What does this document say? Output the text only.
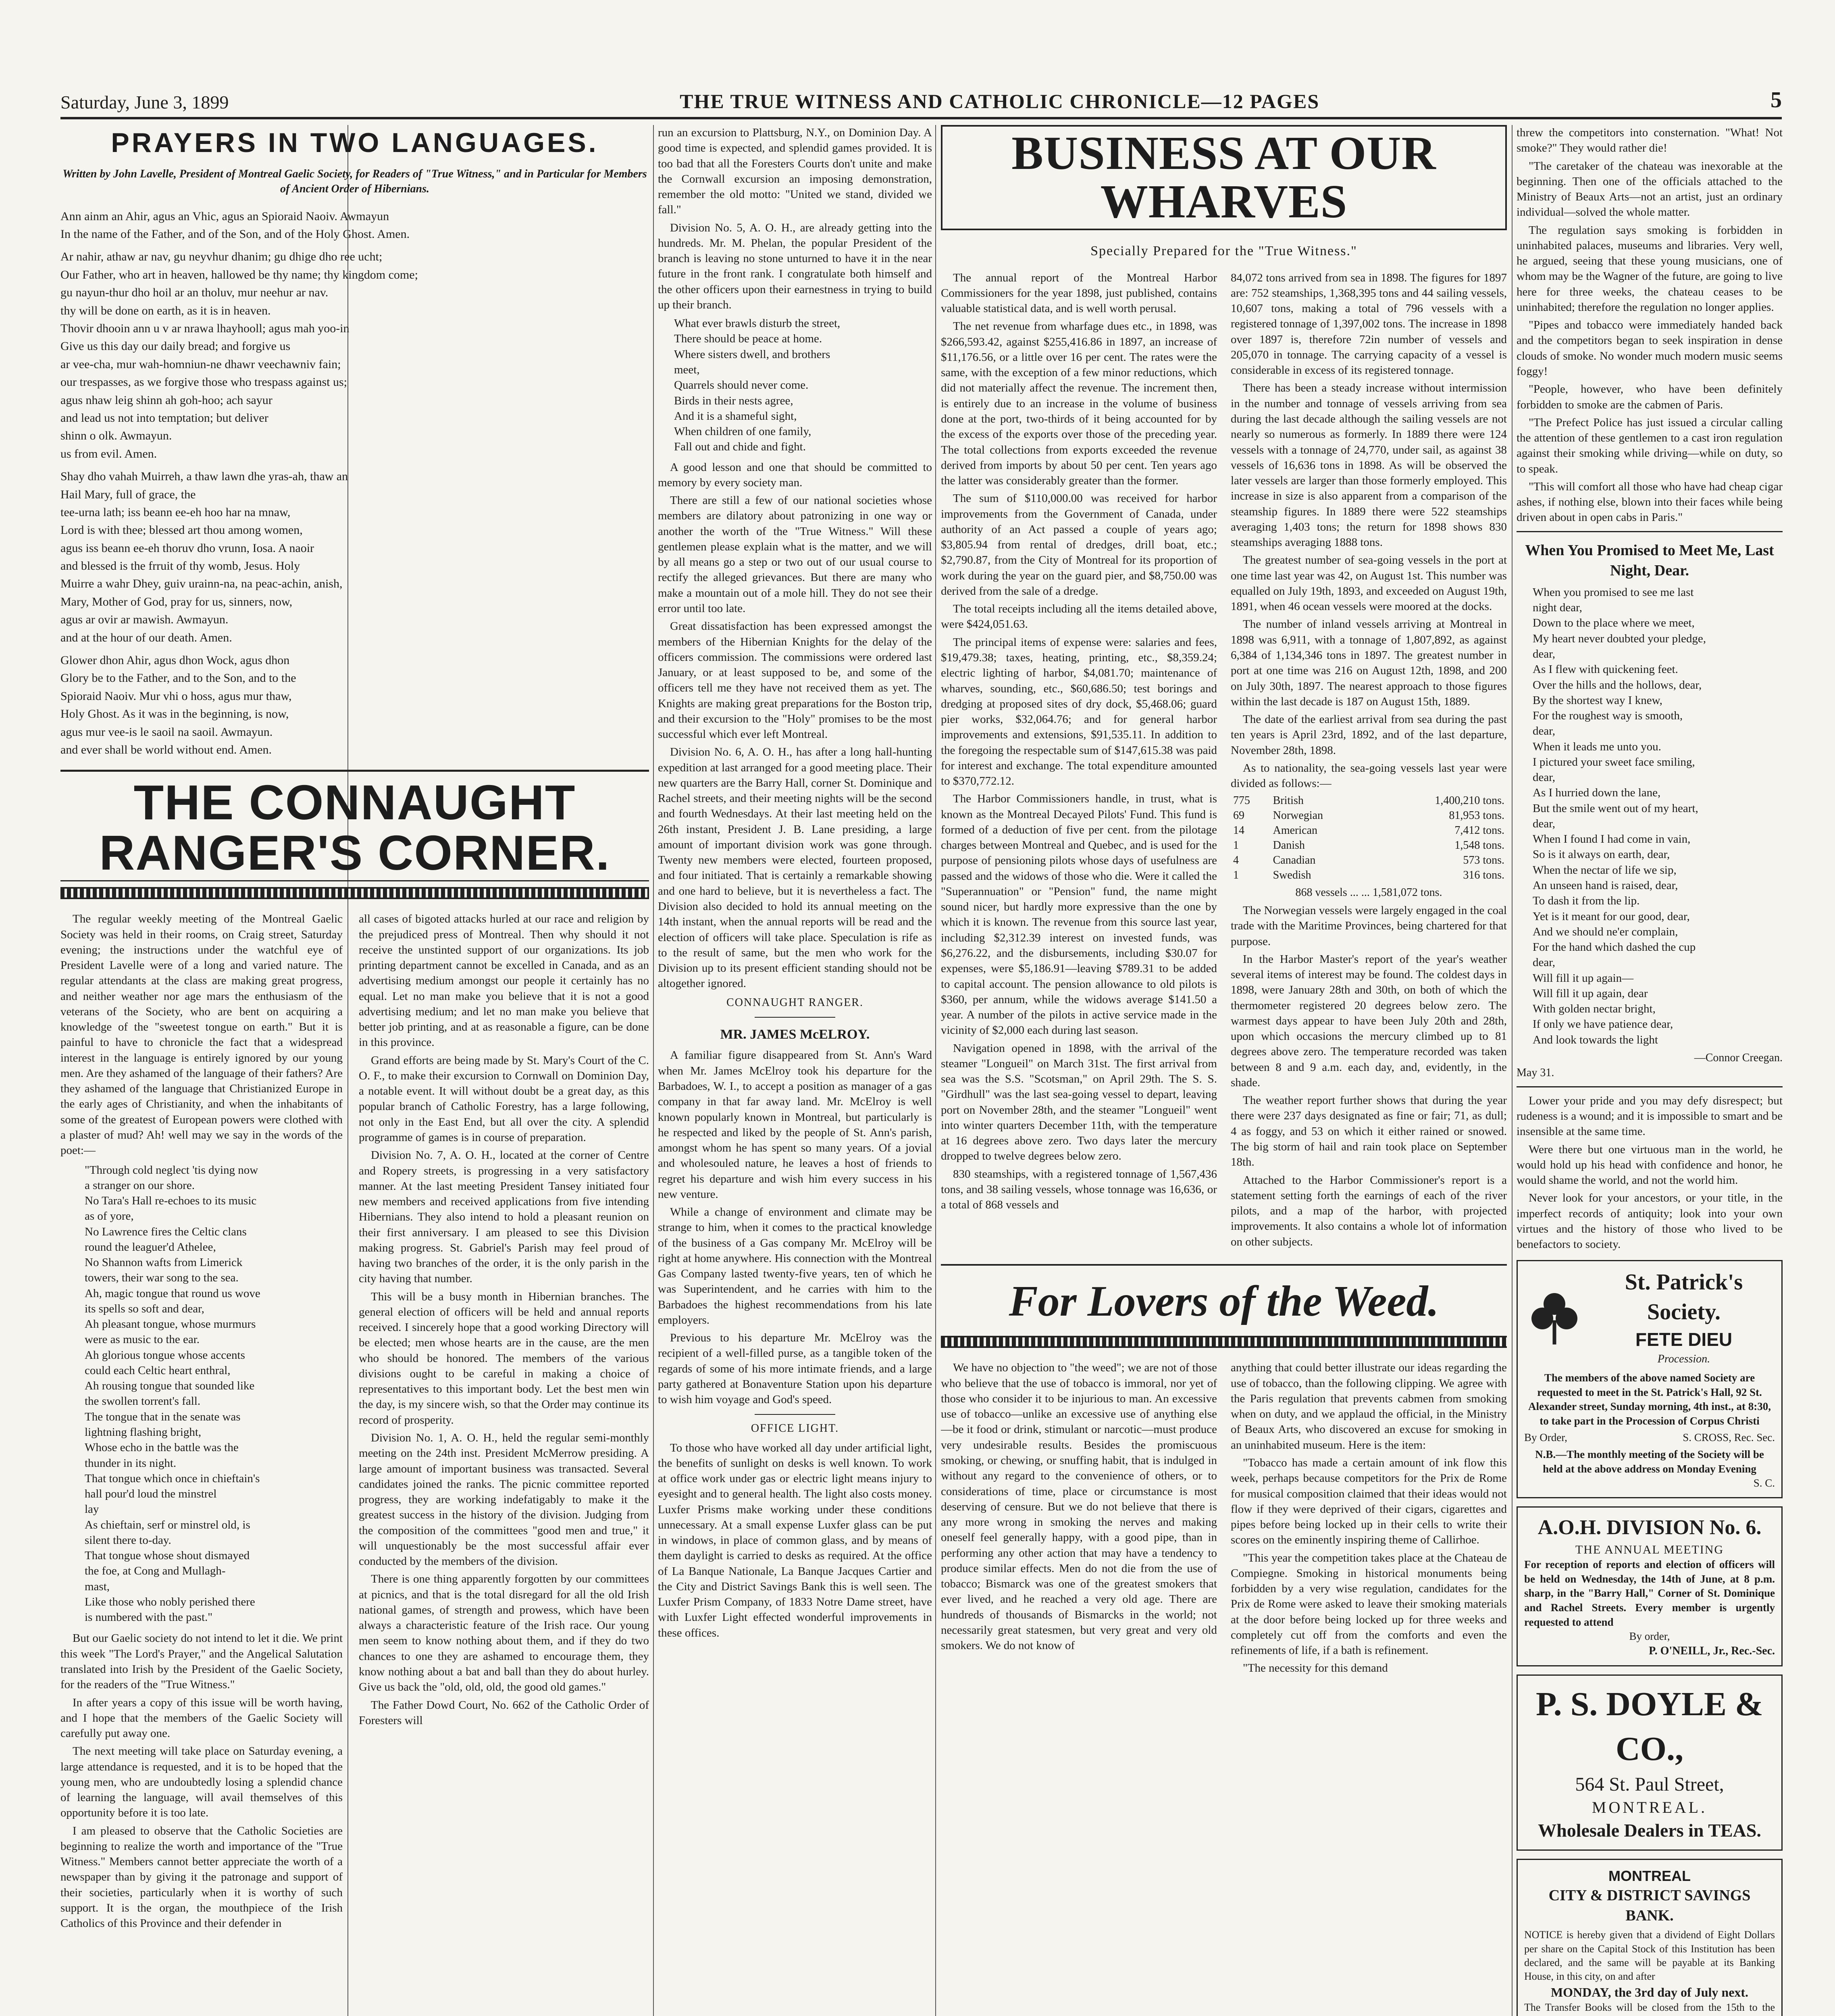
Saturday, June 3, 1899	THE TRUE WITNESS AND CATHOLIC CHRONICLE—12 PAGES	5
PRAYERS IN TWO LANGUAGES.
Written by John Lavelle, President of Montreal Gaelic Society, for Readers of "True Witness," and in Particular for Members of Ancient Order of Hibernians.

Ann ainm an Ahir, agus an Vhic, agus an Spioraid Naoiv. Awmayun

In the name of the Father, and of the Son, and of the Holy Ghost. Amen.

Ar nahir, athaw ar nav, gu neyvhur dhanim; gu dhige dho ree ucht;

Our Father, who art in heaven, hallowed be thy name; thy kingdom come;

gu nayun-thur dho hoil ar an tholuv, mur neehur ar nav.

thy will be done on earth, as it is in heaven.

Thovir dhooin ann u v ar nrawa lhayhooll; agus mah yoo-in

Give us this day our daily bread; and forgive us

ar vee-cha, mur wah-homniun-ne dhawr veechawniv fain;

our trespasses, as we forgive those who trespass against us;

agus nhaw leig shinn ah goh-hoo; ach sayur

and lead us not into temptation; but deliver

shinn o olk. Awmayun.

us from evil. Amen.

Shay dho vahah Muirreh, a thaw lawn dhe yras-ah, thaw an

Hail Mary, full of grace, the

tee-urna lath; iss beann ee-eh hoo har na mnaw,

Lord is with thee; blessed art thou among women,

agus iss beann ee-eh thoruv dho vrunn, Iosa. A naoir

and blessed is the frruit of thy womb, Jesus. Holy

Muirre a wahr Dhey, guiv urainn-na, na peac-achin, anish,

Mary, Mother of God, pray for us, sinners, now,

agus ar ovir ar mawish. Awmayun.

and at the hour of our death. Amen.

Glower dhon Ahir, agus dhon Wock, agus dhon

Glory be to the Father, and to the Son, and to the

Spioraid Naoiv. Mur vhi o hoss, agus mur thaw,

Holy Ghost. As it was in the beginning, is now,

agus mur vee-is le saoil na saoil. Awmayun.

and ever shall be world without end. Amen.

THE CONNAUGHT RANGER'S CORNER.

The regular weekly meeting of the Montreal Gaelic Society was held in their rooms, on Craig street, Saturday evening; the instructions under the watchful eye of President Lavelle were of a long and varied nature. The regular attendants at the class are making great progress, and neither weather nor age mars the enthusiasm of the veterans of the Society, who are bent on acquiring a knowledge of the "sweetest tongue on earth." But it is painful to have to chronicle the fact that a widespread interest in the language is entirely ignored by our young men. Are they ashamed of the language of their fathers? Are they ashamed of the language that Christianized Europe in the early ages of Christianity, and when the inhabitants of some of the greatest of European powers were clothed with a plaster of mud? Ah! well may we say in the words of the poet:—

"Through cold neglect 'tis dying now

a stranger on our shore.

No Tara's Hall re-echoes to its music

as of yore,

No Lawrence fires the Celtic clans

round the leaguer'd Athelee,

No Shannon wafts from Limerick

towers, their war song to the sea.

Ah, magic tongue that round us wove

its spells so soft and dear,

Ah pleasant tongue, whose murmurs

were as music to the ear.

Ah glorious tongue whose accents

could each Celtic heart enthral,

Ah rousing tongue that sounded like

the swollen torrent's fall.

The tongue that in the senate was

lightning flashing bright,

Whose echo in the battle was the

thunder in its night.

That tongue which once in chieftain's

hall pour'd loud the minstrel

lay

As chieftain, serf or minstrel old, is

silent there to-day.

That tongue whose shout dismayed

the foe, at Cong and Mullagh-

mast,

Like those who nobly perished there

is numbered with the past."

But our Gaelic society do not intend to let it die. We print this week "The Lord's Prayer," and the Angelical Salutation translated into Irish by the President of the Gaelic Society, for the readers of the "True Witness."

In after years a copy of this issue will be worth having, and I hope that the members of the Gaelic Society will carefully put away one.

The next meeting will take place on Saturday evening, a large attendance is requested, and it is to be hoped that the young men, who are undoubtedly losing a splendid chance of learning the language, will avail themselves of this opportunity before it is too late.

I am pleased to observe that the Catholic Societies are beginning to realize the worth and importance of the "True Witness." Members cannot better appreciate the worth of a newspaper than by giving it the patronage and support of their societies, particularly when it is worthy of such support. It is the organ, the mouthpiece of the Irish Catholics of this Province and their defender in

all cases of bigoted attacks hurled at our race and religion by the prejudiced press of Montreal. Then why should it not receive the unstinted support of our organizations. Its job printing department cannot be excelled in Canada, and as an advertising medium amongst our people it certainly has no equal. Let no man make you believe that it is not a good advertising medium; and let no man make you believe that better job printing, and at as reasonable a figure, can be done in this province.

Grand efforts are being made by St. Mary's Court of the C. O. F., to make their excursion to Cornwall on Dominion Day, a notable event. It will without doubt be a great day, as this popular branch of Catholic Forestry, has a large following, not only in the East End, but all over the city. A splendid programme of games is in course of preparation.

Division No. 7, A. O. H., located at the corner of Centre and Ropery streets, is progressing in a very satisfactory manner. At the last meeting President Tansey initiated four new members and received applications from five intending Hibernians. They also intend to hold a pleasant reunion on their first anniversary. I am pleased to see this Division making progress. St. Gabriel's Parish may feel proud of having two branches of the order, it is the only parish in the city having that number.

This will be a busy month in Hibernian branches. The general election of officers will be held and annual reports received. I sincerely hope that a good working Directory will be elected; men whose hearts are in the cause, are the men who should be honored. The members of the various divisions ought to be careful in making a choice of representatives to this important body. Let the best men win the day, is my sincere wish, so that the Order may continue its record of prosperity.

Division No. 1, A. O. H., held the regular semi-monthly meeting on the 24th inst. President McMerrow presiding. A large amount of important business was transacted. Several candidates joined the ranks. The picnic committee reported progress, they are working indefatigably to make it the greatest success in the history of the division. Judging from the composition of the committees "good men and true," it will unquestionably be the most successful affair ever conducted by the members of the division.

There is one thing apparently forgotten by our committees at picnics, and that is the total disregard for all the old Irish national games, of strength and prowess, which have been always a characteristic feature of the Irish race. Our young men seem to know nothing about them, and if they do two chances to one they are ashamed to encourage them, they know nothing about a bat and ball than they do about hurley. Give us back the "old, old, old, the good old games."

The Father Dowd Court, No. 662 of the Catholic Order of Foresters will

run an excursion to Plattsburg, N.Y., on Dominion Day. A good time is expected, and splendid games provided. It is too bad that all the Foresters Courts don't unite and make the Cornwall excursion an imposing demonstration, remember the old motto: "United we stand, divided we fall."

Division No. 5, A. O. H., are already getting into the hundreds. Mr. M. Phelan, the popular President of the branch is leaving no stone unturned to have it in the near future in the front rank. I congratulate both himself and the other officers upon their earnestness in trying to build up their branch.

What ever brawls disturb the street,

There should be peace at home.

Where sisters dwell, and brothers

meet,

Quarrels should never come.

Birds in their nests agree,

And it is a shameful sight,

When children of one family,

Fall out and chide and fight.

A good lesson and one that should be committed to memory by every society man.

There are still a few of our national societies whose members are dilatory about patronizing in one way or another the worth of the "True Witness." Will these gentlemen please explain what is the matter, and we will by all means go a step or two out of our usual course to rectify the alleged grievances. But there are many who make a mountain out of a mole hill. They do not see their error until too late.

Great dissatisfaction has been expressed amongst the members of the Hibernian Knights for the delay of the officers commission. The commissions were ordered last January, or at least supposed to be, and some of the officers tell me they have not received them as yet. The Knights are making great preparations for the Boston trip, and their excursion to the "Holy" promises to be the most successful which ever left Montreal.

Division No. 6, A. O. H., has after a long hall-hunting expedition at last arranged for a good meeting place. Their new quarters are the Barry Hall, corner St. Dominique and Rachel streets, and their meeting nights will be the second and fourth Wednesdays. At their last meeting held on the 26th instant, President J. B. Lane presiding, a large amount of important division work was gone through. Twenty new members were elected, fourteen proposed, and four initiated. That is certainly a remarkable showing and one hard to believe, but it is nevertheless a fact. The Division also decided to hold its annual meeting on the 14th instant, when the annual reports will be read and the election of officers will take place. Speculation is rife as to the result of same, but the men who work for the Division up to its present efficient standing should not be altogether ignored.

CONNAUGHT RANGER.
MR. JAMES McELROY.

A familiar figure disappeared from St. Ann's Ward when Mr. James McElroy took his departure for the Barbadoes, W. I., to accept a position as manager of a gas company in that far away land. Mr. McElroy is well known popularly known in Montreal, but particularly is he respected and liked by the people of St. Ann's parish, amongst whom he has spent so many years. Of a jovial and wholesouled nature, he leaves a host of friends to regret his departure and wish him every success in his new venture.

While a change of environment and climate may be strange to him, when it comes to the practical knowledge of the business of a Gas company Mr. McElroy will be right at home anywhere. His connection with the Montreal Gas Company lasted twenty-five years, ten of which he was Superintendent, and he carries with him to the Barbadoes the highest recommendations from his late employers.

Previous to his departure Mr. McElroy was the recipient of a well-filled purse, as a tangible token of the regards of some of his more intimate friends, and a large party gathered at Bonaventure Station upon his departure to wish him voyage and God's speed.

OFFICE LIGHT.

To those who have worked all day under artificial light, the benefits of sunlight on desks is well known. To work at office work under gas or electric light means injury to eyesight and to general health. The light also costs money. Luxfer Prisms make working under these conditions unnecessary. At a small expense Luxfer glass can be put in windows, in place of common glass, and by means of them daylight is carried to desks as required. At the office of La Banque Nationale, La Banque Jacques Cartier and the City and District Savings Bank this is well seen. The Luxfer Prism Company, of 1833 Notre Dame street, have with Luxfer Light effected wonderful improvements in these offices.

BUSINESS AT OUR WHARVES
Specially Prepared for the "True Witness."

The annual report of the Montreal Harbor Commissioners for the year 1898, just published, contains valuable statistical data, and is well worth perusal.

The net revenue from wharfage dues etc., in 1898, was $266,593.42, against $255,416.86 in 1897, an increase of $11,176.56, or a little over 16 per cent. The rates were the same, with the exception of a few minor reductions, which did not materially affect the revenue. The increment then, is entirely due to an increase in the volume of business done at the port, two-thirds of it being accounted for by the excess of the exports over those of the preceding year. The total collections from exports exceeded the revenue derived from imports by about 50 per cent. Ten years ago the latter was considerably greater than the former.

The sum of $110,000.00 was received for harbor improvements from the Government of Canada, under authority of an Act passed a couple of years ago; $3,805.94 from rental of dredges, drill boat, etc.; $2,790.87, from the City of Montreal for its proportion of work during the year on the guard pier, and $8,750.00 was derived from the sale of a dredge.

The total receipts including all the items detailed above, were $424,051.63.

The principal items of expense were: salaries and fees, $19,479.38; taxes, heating, printing, etc., $8,359.24; electric lighting of harbor, $4,081.70; maintenance of wharves, sounding, etc., $60,686.50; test borings and dredging at proposed sites of dry dock, $5,468.06; guard pier works, $32,064.76; and for general harbor improvements and extensions, $91,535.11. In addition to the foregoing the respectable sum of $147,615.38 was paid for interest and exchange. The total expenditure amounted to $370,772.12.

The Harbor Commissioners handle, in trust, what is known as the Montreal Decayed Pilots' Fund. This fund is formed of a deduction of five per cent. from the pilotage charges between Montreal and Quebec, and is used for the purpose of pensioning pilots whose days of usefulness are passed and the widows of those who die. Were it called the "Superannuation" or "Pension" fund, the name might sound nicer, but hardly more expressive than the one by which it is known. The revenue from this source last year, including $2,312.39 interest on invested funds, was $6,276.22, and the disbursements, including $30.07 for expenses, were $5,186.91—leaving $789.31 to be added to capital account. The pension allowance to old pilots is $360, per annum, while the widows average $141.50 a year. A number of the pilots in active service made in the vicinity of $2,000 each during last season.

Navigation opened in 1898, with the arrival of the steamer "Longueil" on March 31st. The first arrival from sea was the S.S. "Scotsman," on April 29th. The S. S. "Girdhull" was the last sea-going vessel to depart, leaving port on November 28th, and the steamer "Longueil" went into winter quarters December 11th, with the temperature at 16 degrees above zero. Two days later the mercury dropped to twelve degrees below zero.

830 steamships, with a registered tonnage of 1,567,436 tons, and 38 sailing vessels, whose tonnage was 16,636, or a total of 868 vessels and

84,072 tons arrived from sea in 1898. The figures for 1897 are: 752 steamships, 1,368,395 tons and 44 sailing vessels, 10,607 tons, making a total of 796 vessels with a registered tonnage of 1,397,002 tons. The increase in 1898 over 1897 is, therefore 72in number of vessels and 205,070 in tonnage. The carrying capacity of a vessel is considerable in excess of its registered tonnage.

There has been a steady increase without intermission in the number and tonnage of vessels arriving from sea during the last decade although the sailing vessels are not nearly so numerous as formerly. In 1889 there were 124 vessels with a tonnage of 24,770, under sail, as against 38 vessels of 16,636 tons in 1898. As will be observed the later vessels are larger than those formerly employed. This increase in size is also apparent from a comparison of the steamship figures. In 1889 there were 522 steamships averaging 1,403 tons; the return for 1898 shows 830 steamships averaging 1888 tons.

The greatest number of sea-going vessels in the port at one time last year was 42, on August 1st. This number was equalled on July 19th, 1893, and exceeded on August 19th, 1891, when 46 ocean vessels were moored at the docks.

The number of inland vessels arriving at Montreal in 1898 was 6,911, with a tonnage of 1,807,892, as against 6,384 of 1,134,346 tons in 1897. The greatest number in port at one time was 216 on August 12th, 1898, and 200 on July 30th, 1897. The nearest approach to those figures within the last decade is 187 on August 15th, 1889.

The date of the earliest arrival from sea during the past ten years is April 23rd, 1892, and of the last departure, November 28th, 1898.

As to nationality, the sea-going vessels last year were divided as follows:—

775	British	1,400,210 tons.
69	Norwegian	81,953 tons.
14	American	7,412 tons.
1	Danish	1,548 tons.
4	Canadian	573 tons.
1	Swedish	316 tons.
868 vessels ... ... 1,581,072 tons.

The Norwegian vessels were largely engaged in the coal trade with the Maritime Provinces, being chartered for that purpose.

In the Harbor Master's report of the year's weather several items of interest may be found. The coldest days in 1898, were January 28th and 30th, on both of which the thermometer registered 20 degrees below zero. The warmest days appear to have been July 20th and 28th, upon which occasions the mercury climbed up to 81 degrees above zero. The temperature recorded was taken between 8 and 9 a.m. each day, and, evidently, in the shade.

The weather report further shows that during the year there were 237 days designated as fine or fair; 71, as dull; 4 as foggy, and 53 on which it either rained or snowed. The big storm of hail and rain took place on September 18th.

Attached to the Harbor Commissioner's report is a statement setting forth the earnings of each of the river pilots, and a map of the harbor, with projected improvements. It also contains a whole lot of information on other subjects.

For Lovers of the Weed.

We have no objection to "the weed"; we are not of those who believe that the use of tobacco is immoral, nor yet of those who consider it to be injurious to man. An excessive use of tobacco—unlike an excessive use of anything else—be it food or drink, stimulant or narcotic—must produce very undesirable results. Besides the promiscuous smoking, or chewing, or snuffing habit, that is indulged in without any regard to the convenience of others, or to considerations of time, place or circumstance is most deserving of censure. But we do not believe that there is any more wrong in smoking the nerves and making oneself feel generally happy, with a good pipe, than in performing any other action that may have a tendency to produce similar effects. Men do not die from the use of tobacco; Bismarck was one of the greatest smokers that ever lived, and he reached a very old age. There are hundreds of thousands of Bismarcks in the world; not necessarily great statesmen, but very great and very old smokers. We do not know of

anything that could better illustrate our ideas regarding the use of tobacco, than the following clipping. We agree with the Paris regulation that prevents cabmen from smoking when on duty, and we applaud the official, in the Ministry of Beaux Arts, who discovered an excuse for smoking in an uninhabited museum. Here is the item:

"Tobacco has made a certain amount of ink flow this week, perhaps because competitors for the Prix de Rome for musical composition claimed that their ideas would not flow if they were deprived of their cigars, cigarettes and pipes before being locked up in their cells to write their scores on the eminently inspiring theme of Callirhoe.

"This year the competition takes place at the Chateau de Compiegne. Smoking in historical monuments being forbidden by a very wise regulation, candidates for the Prix de Rome were asked to leave their smoking materials at the door before being locked up for three weeks and completely cut off from the comforts and even the refinements of life, if a bath is refinement.

"The necessity for this demand

threw the competitors into consternation. "What! Not smoke?" They would rather die!

"The caretaker of the chateau was inexorable at the beginning. Then one of the officials attached to the Ministry of Beaux Arts—not an artist, just an ordinary individual—solved the whole matter.

The regulation says smoking is forbidden in uninhabited palaces, museums and libraries. Very well, he argued, seeing that these young musicians, one of whom may be the Wagner of the future, are going to live here for three weeks, the chateau ceases to be uninhabited; therefore the regulation no longer applies.

"Pipes and tobacco were immediately handed back and the competitors began to seek inspiration in dense clouds of smoke. No wonder much modern music seems foggy!

"People, however, who have been definitely forbidden to smoke are the cabmen of Paris.

"The Prefect Police has just issued a circular calling the attention of these gentlemen to a cast iron regulation against their smoking while driving—while on duty, so to speak.

"This will comfort all those who have had cheap cigar ashes, if nothing else, blown into their faces while being driven about in open cabs in Paris."

When You Promised to Meet Me, Last Night, Dear.

When you promised to see me last

night dear,

Down to the place where we meet,

My heart never doubted your pledge,

dear,

As I flew with quickening feet.

Over the hills and the hollows, dear,

By the shortest way I knew,

For the roughest way is smooth,

dear,

When it leads me unto you.

I pictured your sweet face smiling,

dear,

As I hurried down the lane,

But the smile went out of my heart,

dear,

When I found I had come in vain,

So is it always on earth, dear,

When the nectar of life we sip,

An unseen hand is raised, dear,

To dash it from the lip.

Yet is it meant for our good, dear,

And we should ne'er complain,

For the hand which dashed the cup

dear,

Will fill it up again—

Will fill it up again, dear

With golden nectar bright,

If only we have patience dear,

And look towards the light

—Connor Creegan.
May 31.

Lower your pride and you may defy disrespect; but rudeness is a wound; and it is impossible to smart and be insensible at the same time.

Were there but one virtuous man in the world, he would hold up his head with confidence and honor, he would shame the world, and not the world him.

Never look for your ancestors, or your title, in the imperfect records of antiquity; look into your own virtues and the history of those who lived to be benefactors to society.

St. Patrick's Society.
FETE DIEU
Procession.
The members of the above named Society are requested to meet in the St. Patrick's Hall, 92 St. Alexander street, Sunday morning, 4th inst., at 8:30, to take part in the Procession of Corpus Christi
By Order,	S. CROSS, Rec. Sec.
N.B.—The monthly meeting of the Society will be held at the above address on Monday Evening
S. C.
A.O.H. DIVISION No. 6.
THE ANNUAL MEETING
For reception of reports and election of officers will be held on Wednesday, the 14th of June, at 8 p.m. sharp, in the "Barry Hall," Corner of St. Dominique and Rachel Streets. Every member is urgently requested to attend
By order,
P. O'NEILL, Jr., Rec.-Sec.
P. S. DOYLE & CO.,
564 St. Paul Street,
MONTREAL.
Wholesale Dealers in TEAS.
MONTREAL
CITY & DISTRICT SAVINGS BANK.
NOTICE is hereby given that a dividend of Eight Dollars per share on the Capital Stock of this Institution has been declared, and the same will be payable at its Banking House, in this city, on and after
MONDAY, the 3rd day of July next.
The Transfer Books will be closed from the 15th to the
